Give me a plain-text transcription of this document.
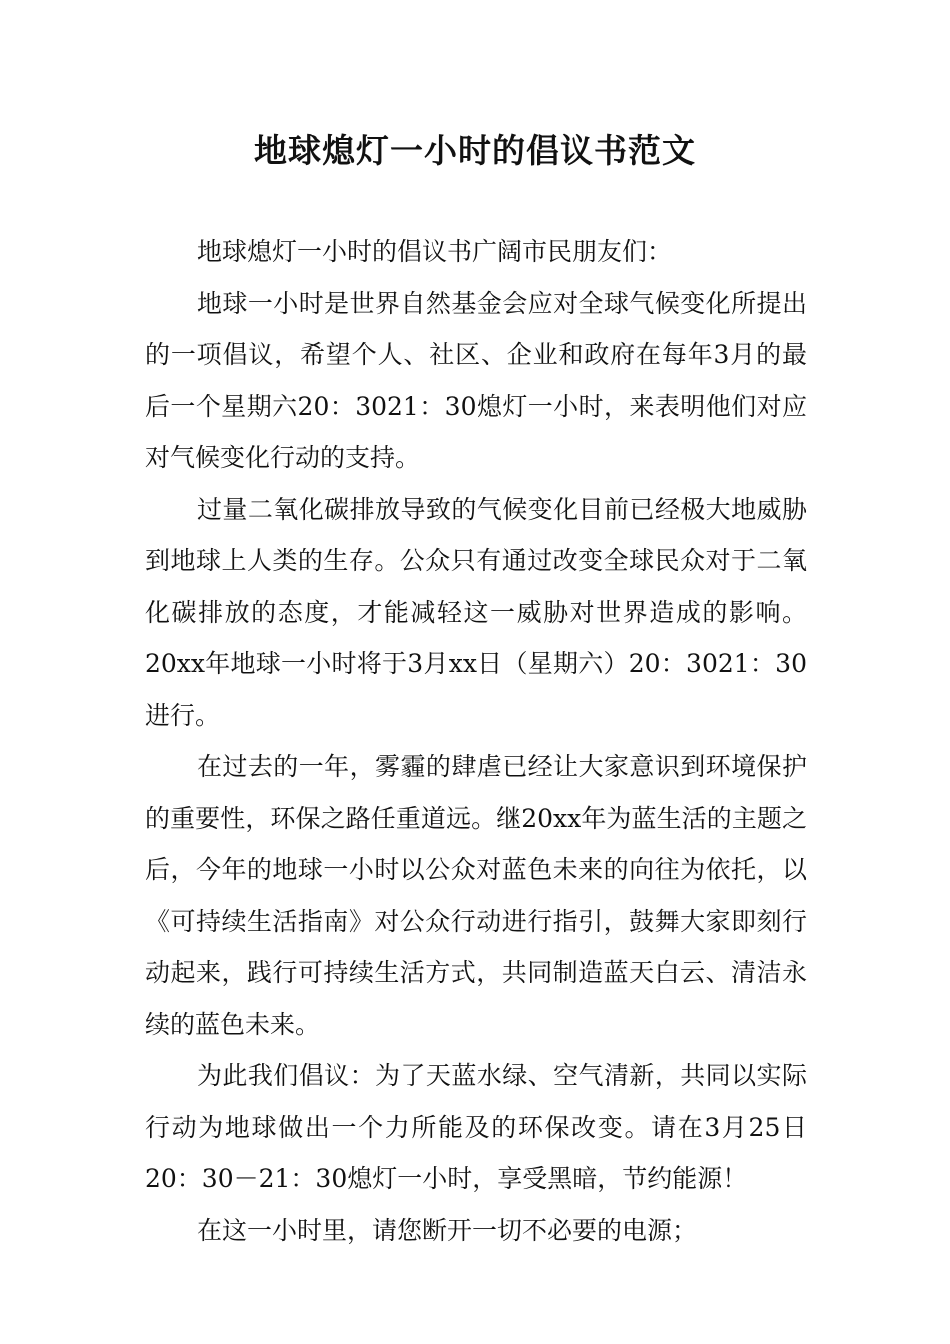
地球熄灯一小时的倡议书范文

地球熄灯一小时的倡议书广阔市民朋友们：

地球一小时是世界自然基金会应对全球气候变化所提出的一项倡议，希望个人、社区、企业和政府在每年3月的最后一个星期六20：3021：30熄灯一小时，来表明他们对应对气候变化行动的支持。

过量二氧化碳排放导致的气候变化目前已经极大地威胁到地球上人类的生存。公众只有通过改变全球民众对于二氧化碳排放的态度，才能减轻这一威胁对世界造成的影响。20xx年地球一小时将于3月xx日（星期六）20：3021：30进行。

在过去的一年，雾霾的肆虐已经让大家意识到环境保护的重要性，环保之路任重道远。继20xx年为蓝生活的主题之后，今年的地球一小时以公众对蓝色未来的向往为依托，以《可持续生活指南》对公众行动进行指引，鼓舞大家即刻行动起来，践行可持续生活方式，共同制造蓝天白云、清洁永续的蓝色未来。

为此我们倡议：为了天蓝水绿、空气清新，共同以实际行动为地球做出一个力所能及的环保改变。请在3月25日20：30－21：30熄灯一小时，享受黑暗，节约能源！

在这一小时里，请您断开一切不必要的电源；
